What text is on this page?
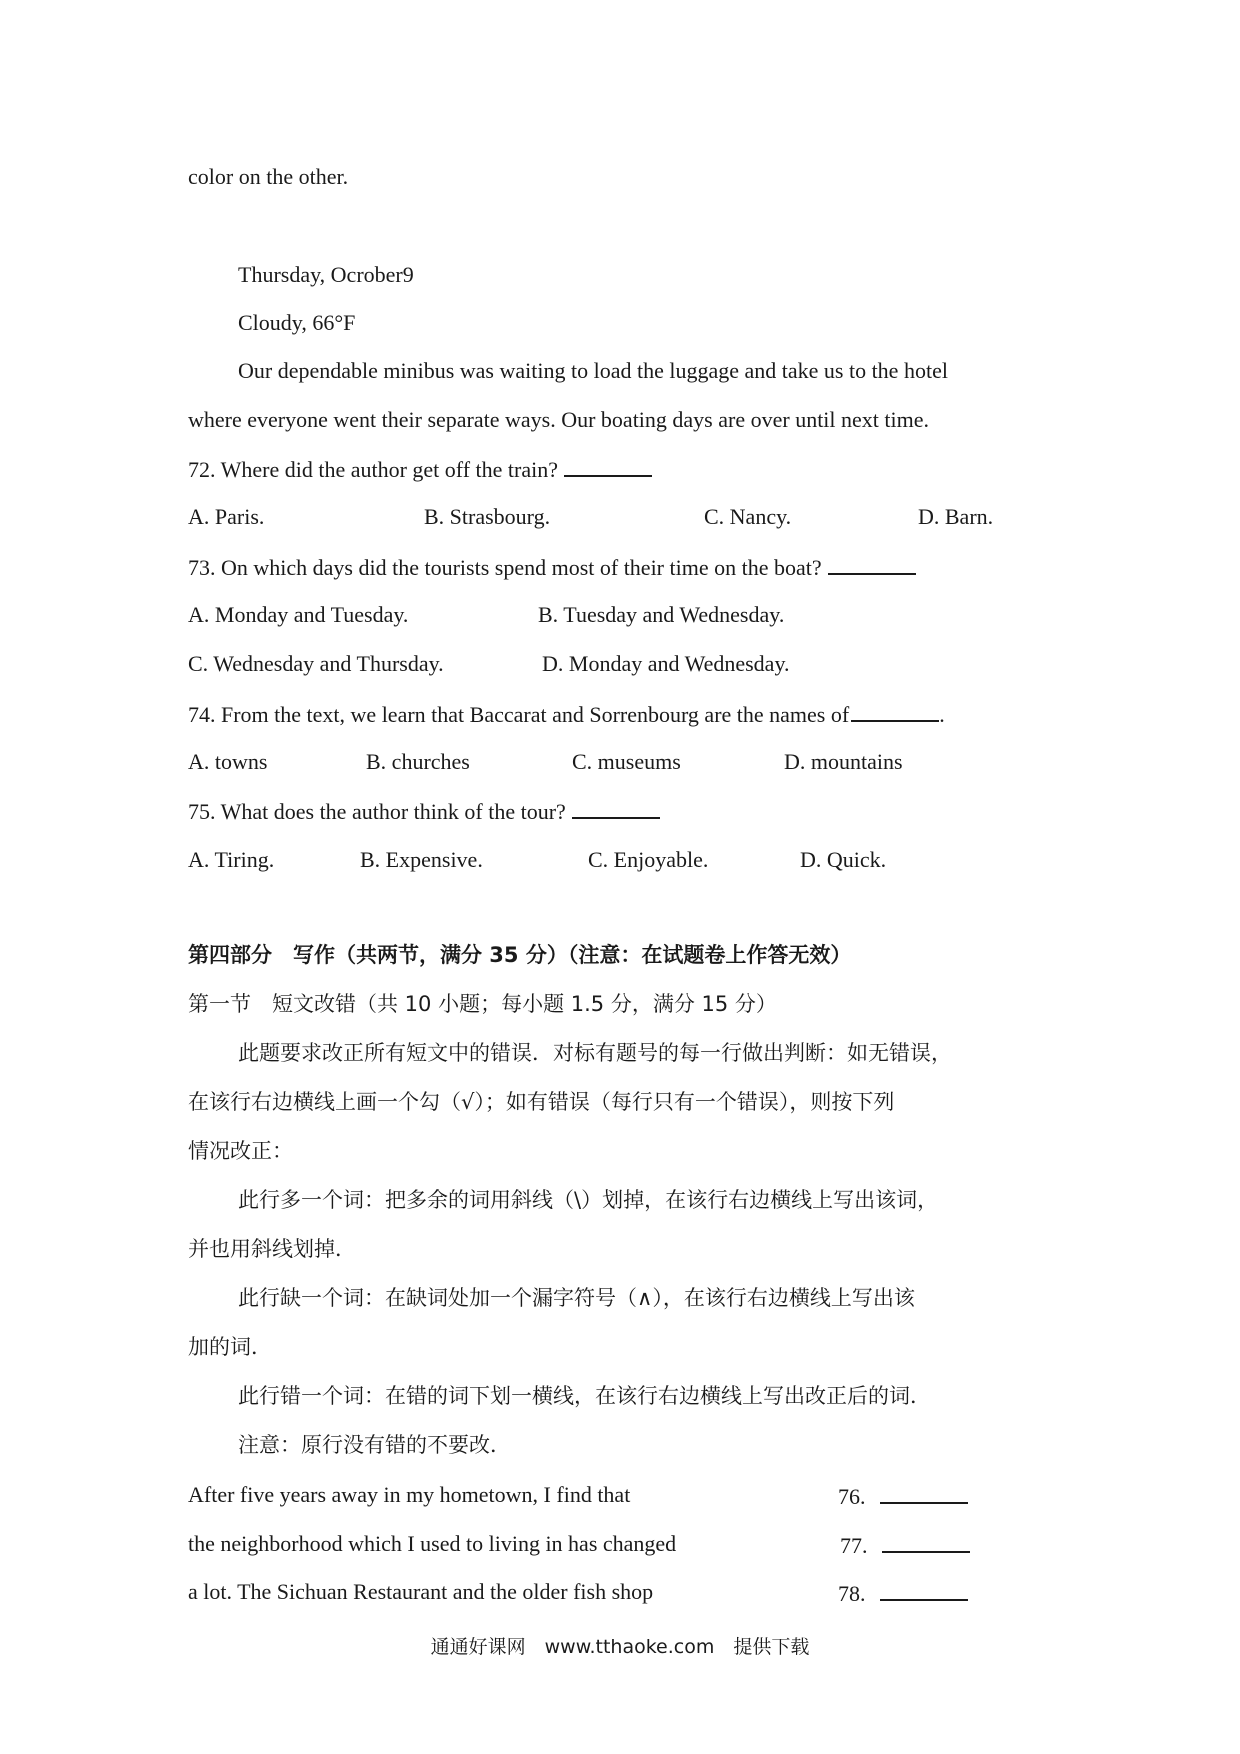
color on the other.
Thursday, Ocrober9
Cloudy, 66°F
Our dependable minibus was waiting to load the luggage and take us to the hotel
where everyone went their separate ways. Our boating days are over until next time.
72. Where did the author get off the train?
A. Paris.	B. Strasbourg.	C. Nancy.	D. Barn.
73. On which days did the tourists spend most of their time on the boat?
A. Monday and Tuesday.	B. Tuesday and Wednesday.
C. Wednesday and Thursday.	D. Monday and Wednesday.
74. From the text, we learn that Baccarat and Sorrenbourg are the names of	.
A. towns	B. churches	C. museums	D. mountains
75. What does the author think of the tour?
A. Tiring.	B. Expensive.	C. Enjoyable.	D. Quick.
第四部分　写作（共两节，满分 35 分）（注意：在试题卷上作答无效）
第一节　短文改错（共 10 小题；每小题 1.5 分，满分 15 分）
此题要求改正所有短文中的错误．对标有题号的每一行做出判断：如无错误，
在该行右边横线上画一个勾（√）；如有错误（每行只有一个错误），则按下列
情况改正：
此行多一个词：把多余的词用斜线（\）划掉，在该行右边横线上写出该词，
并也用斜线划掉．
此行缺一个词：在缺词处加一个漏字符号（∧），在该行右边横线上写出该
加的词．
此行错一个词：在错的词下划一横线，在该行右边横线上写出改正后的词．
注意：原行没有错的不要改．
After five years away in my hometown, I find that	76.
the neighborhood which I used to living in has changed	77.
a lot. The Sichuan Restaurant and the older fish shop	78.
通通好课网　www.tthaoke.com　提供下载
